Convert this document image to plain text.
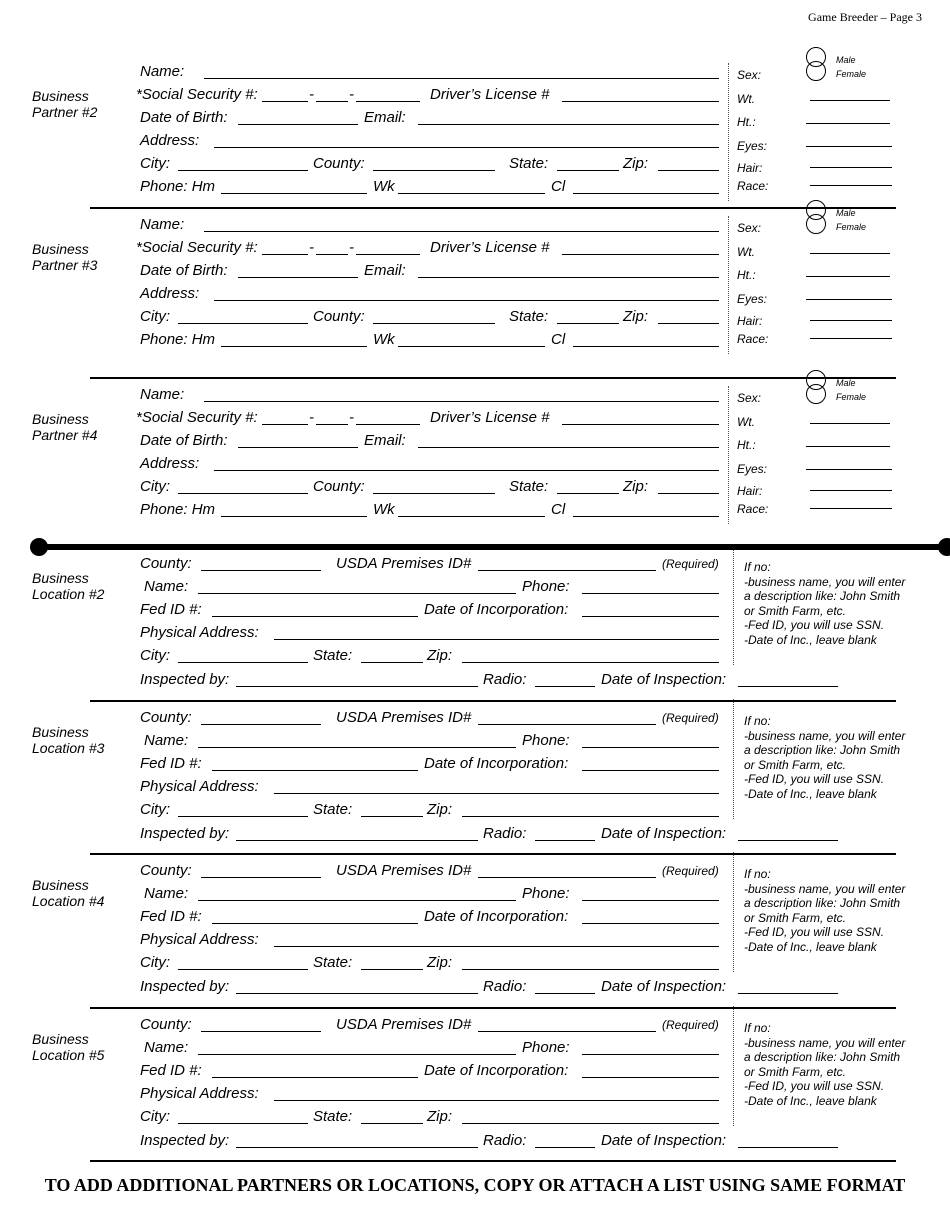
Game Breeder – Page 3
Business
Partner #2
Name:
*Social Security #:	- -	Driver’s License #
Date of Birth:	Email:
Address:
City:	County:	State:	Zip:
Phone: Hm	Wk	Cl
Sex:
Male
Female
Wt.
Ht.:
Eyes:
Hair:
Race:
Business
Partner #3
Name:
*Social Security #:	- -	Driver’s License #
Date of Birth:	Email:
Address:
City:	County:	State:	Zip:
Phone: Hm	Wk	Cl
Sex:
Male
Female
Wt.
Ht.:
Eyes:
Hair:
Race:
Business
Partner #4
Name:
*Social Security #:	- -	Driver’s License #
Date of Birth:	Email:
Address:
City:	County:	State:	Zip:
Phone: Hm	Wk	Cl
Sex:
Male
Female
Wt.
Ht.:
Eyes:
Hair:
Race:
Business
Location #2
County:	USDA Premises ID#	(Required)
Name:	Phone:
Fed ID #:	Date of Incorporation:
Physical Address:
City:	State:	Zip:
Inspected by:	Radio:	Date of Inspection:
If no:
-business name, you will enter
a description like: John Smith
or Smith Farm, etc.
-Fed ID, you will use SSN.
-Date of Inc., leave blank
Business
Location #3
County:	USDA Premises ID#	(Required)
Name:	Phone:
Fed ID #:	Date of Incorporation:
Physical Address:
City:	State:	Zip:
Inspected by:	Radio:	Date of Inspection:
If no:
-business name, you will enter
a description like: John Smith
or Smith Farm, etc.
-Fed ID, you will use SSN.
-Date of Inc., leave blank
Business
Location #4
County:	USDA Premises ID#	(Required)
Name:	Phone:
Fed ID #:	Date of Incorporation:
Physical Address:
City:	State:	Zip:
Inspected by:	Radio:	Date of Inspection:
If no:
-business name, you will enter
a description like: John Smith
or Smith Farm, etc.
-Fed ID, you will use SSN.
-Date of Inc., leave blank
Business
Location #5
County:	USDA Premises ID#	(Required)
Name:	Phone:
Fed ID #:	Date of Incorporation:
Physical Address:
City:	State:	Zip:
Inspected by:	Radio:	Date of Inspection:
If no:
-business name, you will enter
a description like: John Smith
or Smith Farm, etc.
-Fed ID, you will use SSN.
-Date of Inc., leave blank
TO ADD ADDITIONAL PARTNERS OR LOCATIONS, COPY OR ATTACH A LIST USING SAME FORMAT
